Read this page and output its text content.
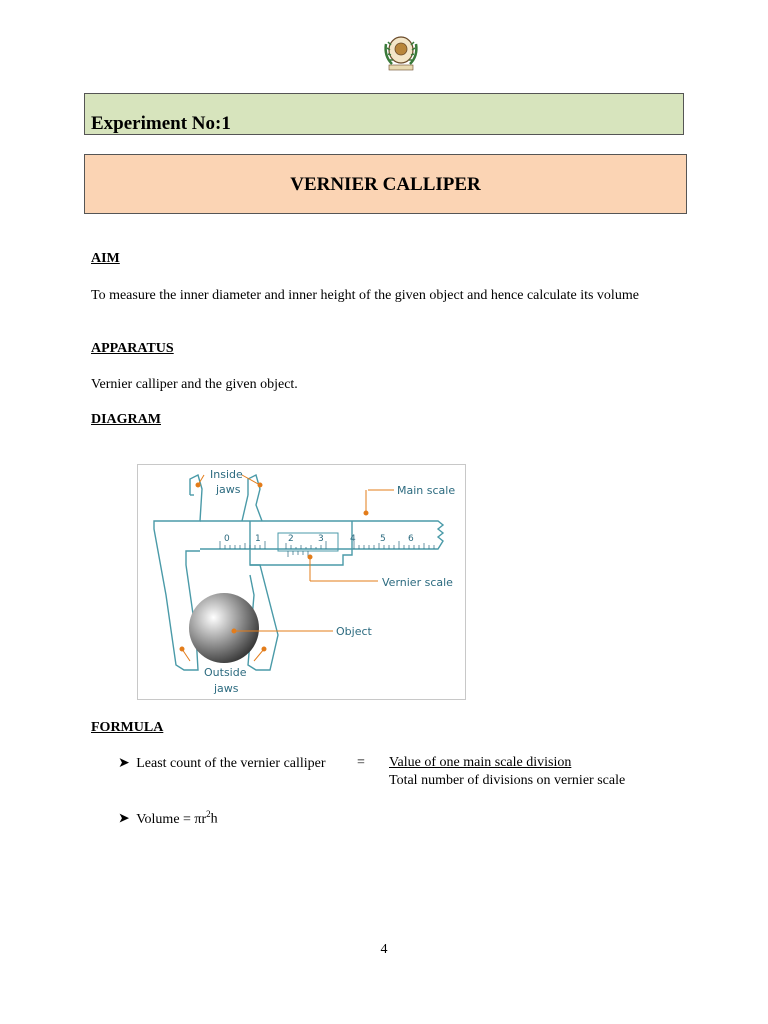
Experiment No:1
VERNIER CALLIPER
AIM
To measure the inner diameter and inner height of the given object and hence calculate its volume
APPARATUS
Vernier calliper and the given object.
DIAGRAM
0	1	2	3	4	5 6
Inside
jaws	Main scale
Vernier scale
Object
Outside
jaws
FORMULA
➤ Least count of the vernier calliper = Value of one main scale division
Total number of divisions on vernier scale
➤ Volume = $\pi r^2h$
4
